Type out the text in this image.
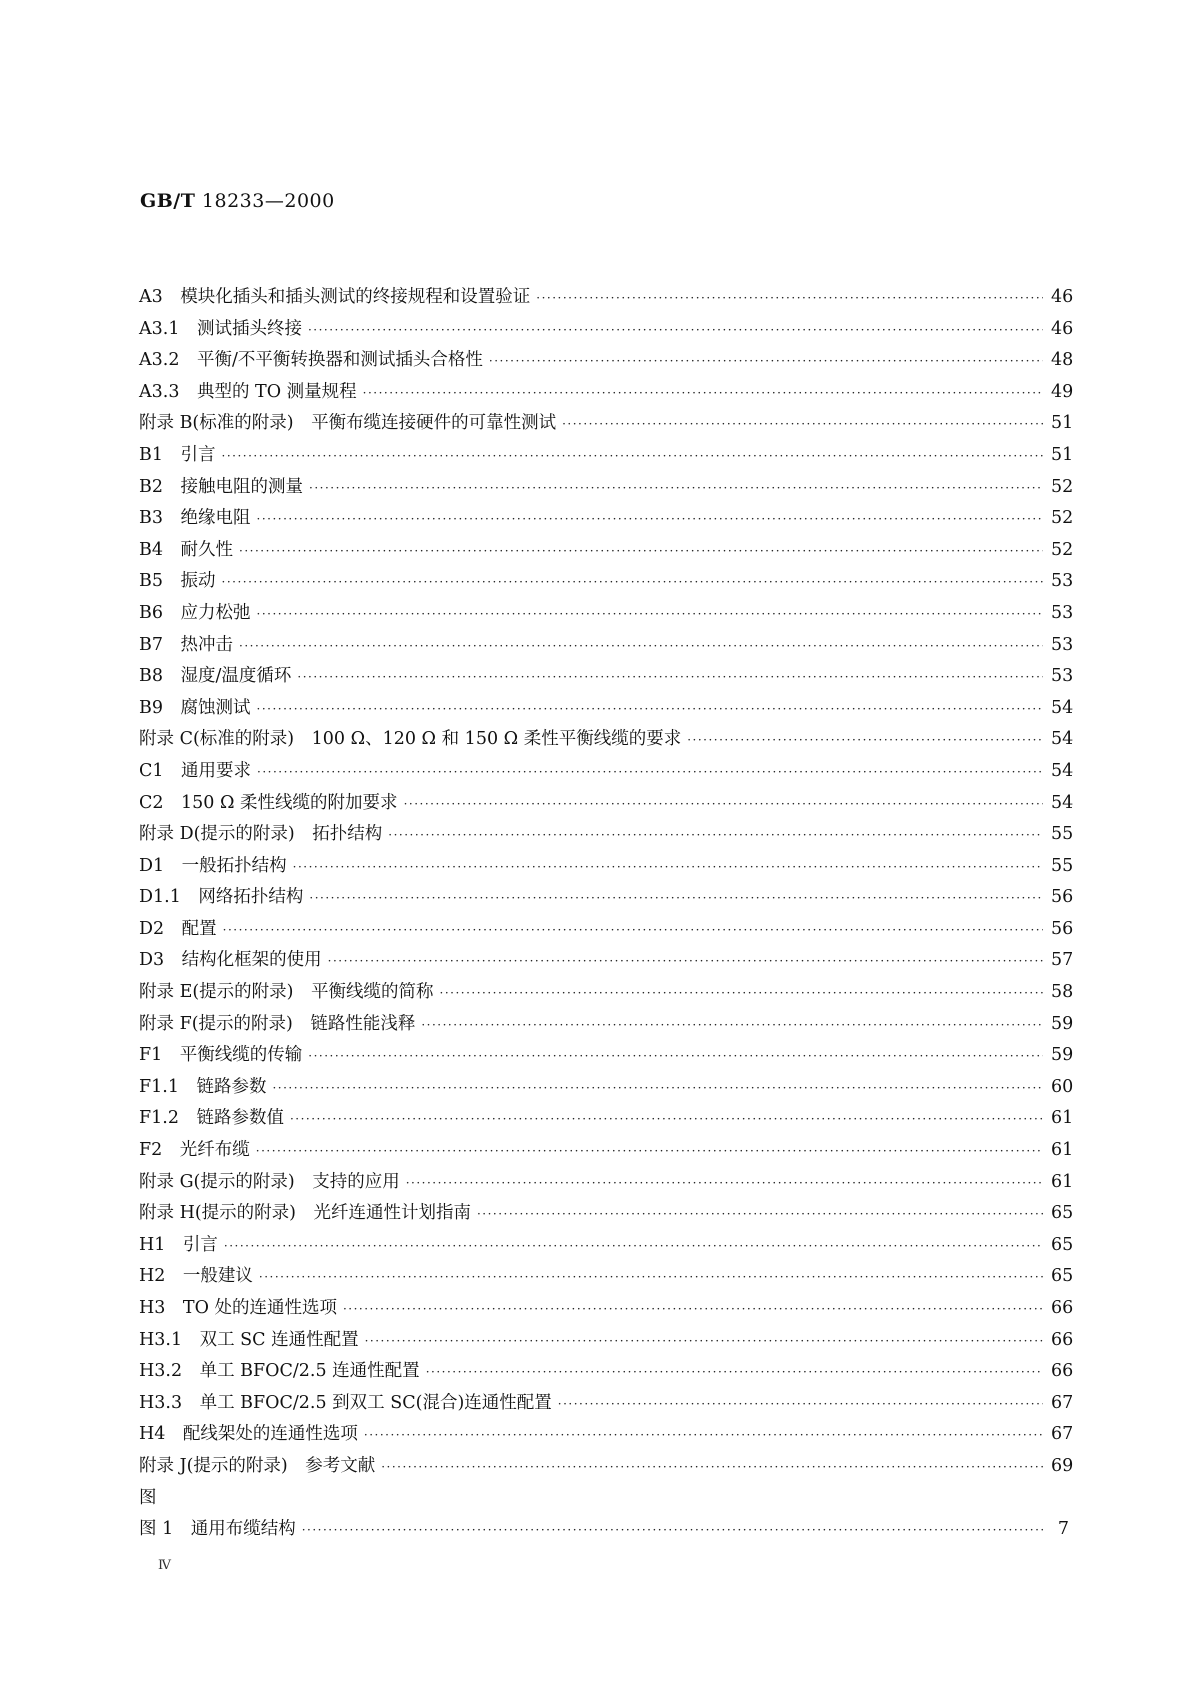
GB/T 18233—2000
A3　模块化插头和插头测试的终接规程和设置验证 ·····	46
A3.1　测试插头终接 ·····	46
A3.2　平衡/不平衡转换器和测试插头合格性 ·····	48
A3.3　典型的 TO 测量规程 ·····	49
附录 B(标准的附录)　平衡布缆连接硬件的可靠性测试 ·····	51
B1　引言 ·····	51
B2　接触电阻的测量 ·····	52
B3　绝缘电阻 ·····	52
B4　耐久性 ·····	52
B5　振动 ·····	53
B6　应力松弛 ·····	53
B7　热冲击 ·····	53
B8　湿度/温度循环 ·····	53
B9　腐蚀测试 ·····	54
附录 C(标准的附录)　100 Ω、120 Ω 和 150 Ω 柔性平衡线缆的要求 ·····	54
C1　通用要求 ·····	54
C2　150 Ω 柔性线缆的附加要求 ·····	54
附录 D(提示的附录)　拓扑结构 ·····	55
D1　一般拓扑结构 ·····	55
D1.1　网络拓扑结构 ·····	56
D2　配置 ·····	56
D3　结构化框架的使用 ·····	57
附录 E(提示的附录)　平衡线缆的简称 ·····	58
附录 F(提示的附录)　链路性能浅释 ·····	59
F1　平衡线缆的传输 ·····	59
F1.1　链路参数 ·····	60
F1.2　链路参数值 ·····	61
F2　光纤布缆 ·····	61
附录 G(提示的附录)　支持的应用 ·····	61
附录 H(提示的附录)　光纤连通性计划指南 ·····	65
H1　引言 ·····	65
H2　一般建议 ·····	65
H3　TO 处的连通性选项 ·····	66
H3.1　双工 SC 连通性配置 ·····	66
H3.2　单工 BFOC/2.5 连通性配置 ·····	66
H3.3　单工 BFOC/2.5 到双工 SC(混合)连通性配置 ·····	67
H4　配线架处的连通性选项 ·····	67
附录 J(提示的附录)　参考文献 ·····	69
图
图 1　通用布缆结构 ·····	7
Ⅳ
